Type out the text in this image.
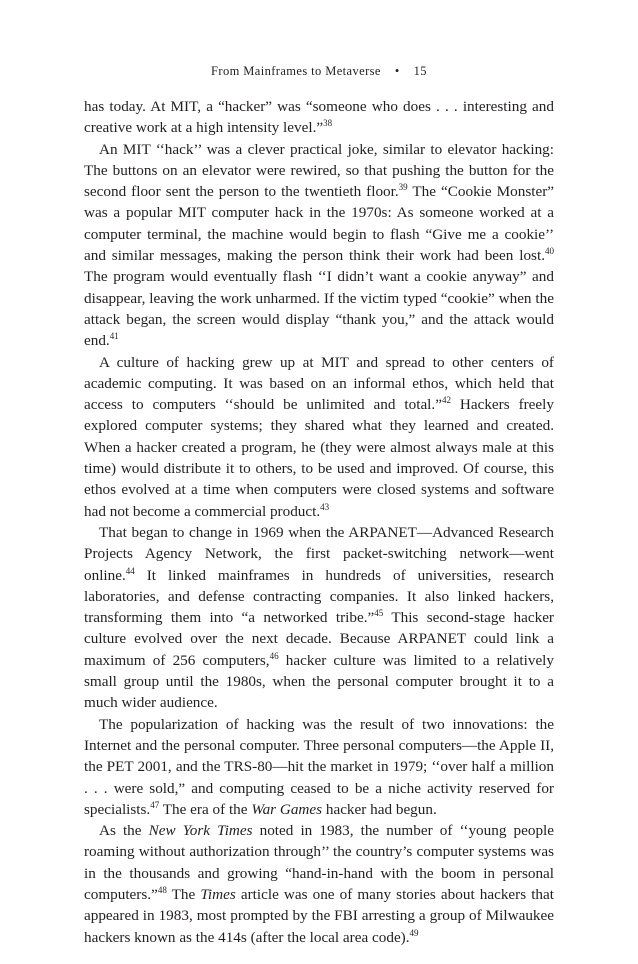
From Mainframes to Metaverse • 15

has today. At MIT, a “hacker” was “someone who does . . . interesting and creative work at a high intensity level.”$^{38}$

An MIT ‘‘hack’’ was a clever practical joke, similar to elevator hacking: The buttons on an elevator were rewired, so that pushing the button for the second floor sent the person to the twentieth floor.$^{39}$ The “Cookie Monster” was a popular MIT computer hack in the 1970s: As someone worked at a computer terminal, the machine would begin to flash “Give me a cookie’’ and similar messages, making the person think their work had been lost.$^{40}$ The program would eventually flash ‘‘I didn’t want a cookie anyway” and disappear, leaving the work unharmed. If the victim typed “cookie” when the attack began, the screen would display “thank you,” and the attack would end.$^{41}$

A culture of hacking grew up at MIT and spread to other centers of academic computing. It was based on an informal ethos, which held that access to computers ‘‘should be unlimited and total.”$^{42}$ Hackers freely explored computer systems; they shared what they learned and created. When a hacker created a program, he (they were almost always male at this time) would distribute it to others, to be used and improved. Of course, this ethos evolved at a time when computers were closed systems and software had not become a commercial product.$^{43}$

That began to change in 1969 when the ARPANET—Advanced Research Projects Agency Network, the first packet-switching network—went online.$^{44}$ It linked mainframes in hundreds of universities, research laboratories, and defense contracting companies. It also linked hackers, transforming them into “a networked tribe.”$^{45}$ This second-stage hacker culture evolved over the next decade. Because ARPANET could link a maximum of 256 computers,$^{46}$ hacker culture was limited to a relatively small group until the 1980s, when the personal computer brought it to a much wider audience.

The popularization of hacking was the result of two innovations: the Internet and the personal computer. Three personal computers—the Apple II, the PET 2001, and the TRS-80—hit the market in 1979; ‘‘over half a million . . . were sold,” and computing ceased to be a niche activity reserved for specialists.$^{47}$ The era of the War Games hacker had begun.

As the New York Times noted in 1983, the number of ‘‘young people roaming without authorization through’’ the country’s computer systems was in the thousands and growing “hand-in-hand with the boom in personal computers.”$^{48}$ The Times article was one of many stories about hackers that appeared in 1983, most prompted by the FBI arresting a group of Milwaukee hackers known as the 414s (after the local area code).$^{49}$
